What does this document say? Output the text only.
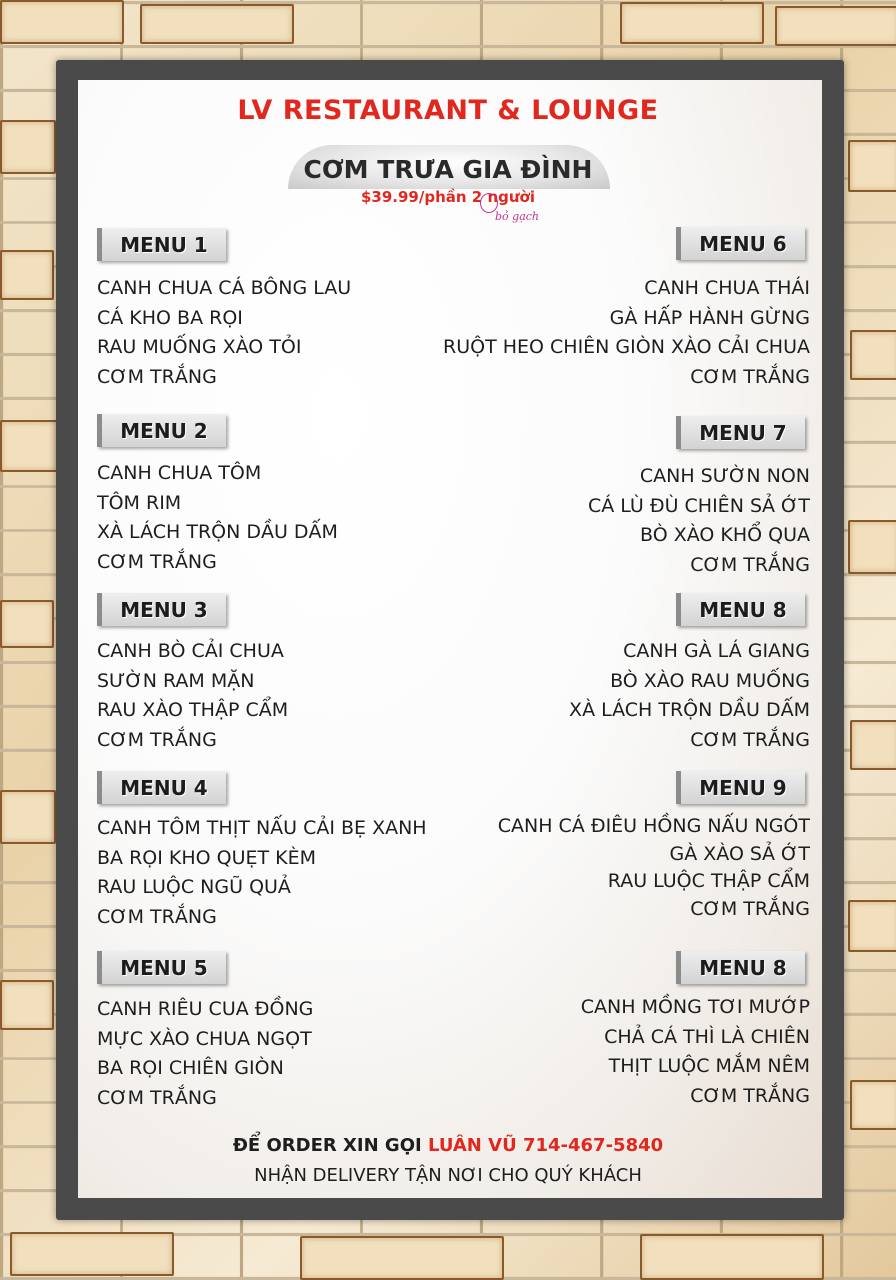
LV RESTAURANT & LOUNGE
CƠM TRƯA GIA ĐÌNH
$39.99/phần 2 người
bỏ gạch
MENU 1
CANH CHUA CÁ BÔNG LAU
CÁ KHO BA RỌI
RAU MUỐNG XÀO TỎI
CƠM TRẮNG
MENU 2
CANH CHUA TÔM
TÔM RIM
XÀ LÁCH TRỘN DẦU DẤM
CƠM TRẮNG
MENU 3
CANH BÒ CẢI CHUA
SƯỜN RAM MẶN
RAU XÀO THẬP CẨM
CƠM TRẮNG
MENU 4
CANH TÔM THỊT NẤU CẢI BẸ XANH
BA RỌI KHO QUẸT KÈM
RAU LUỘC NGŨ QUẢ
CƠM TRẮNG
MENU 5
CANH RIÊU CUA ĐỒNG
MỰC XÀO CHUA NGỌT
BA RỌI CHIÊN GIÒN
CƠM TRẮNG
MENU 6
CANH CHUA THÁI
GÀ HẤP HÀNH GỪNG
RUỘT HEO CHIÊN GIÒN XÀO CẢI CHUA
CƠM TRẮNG
MENU 7
CANH SƯỜN NON
CÁ LÙ ĐÙ CHIÊN SẢ ỚT
BÒ XÀO KHỔ QUA
CƠM TRẮNG
MENU 8
CANH GÀ LÁ GIANG
BÒ XÀO RAU MUỐNG
XÀ LÁCH TRỘN DẦU DẤM
CƠM TRẮNG
MENU 9
CANH CÁ ĐIÊU HỒNG NẤU NGÓT
GÀ XÀO SẢ ỚT
RAU LUỘC THẬP CẨM
CƠM TRẮNG
MENU 8
CANH MỒNG TƠI MƯỚP
CHẢ CÁ THÌ LÀ CHIÊN
THỊT LUỘC MẮM NÊM
CƠM TRẮNG
ĐỂ ORDER XIN GỌI LUÂN VŨ 714-467-5840
NHẬN DELIVERY TẬN NƠI CHO QUÝ KHÁCH
